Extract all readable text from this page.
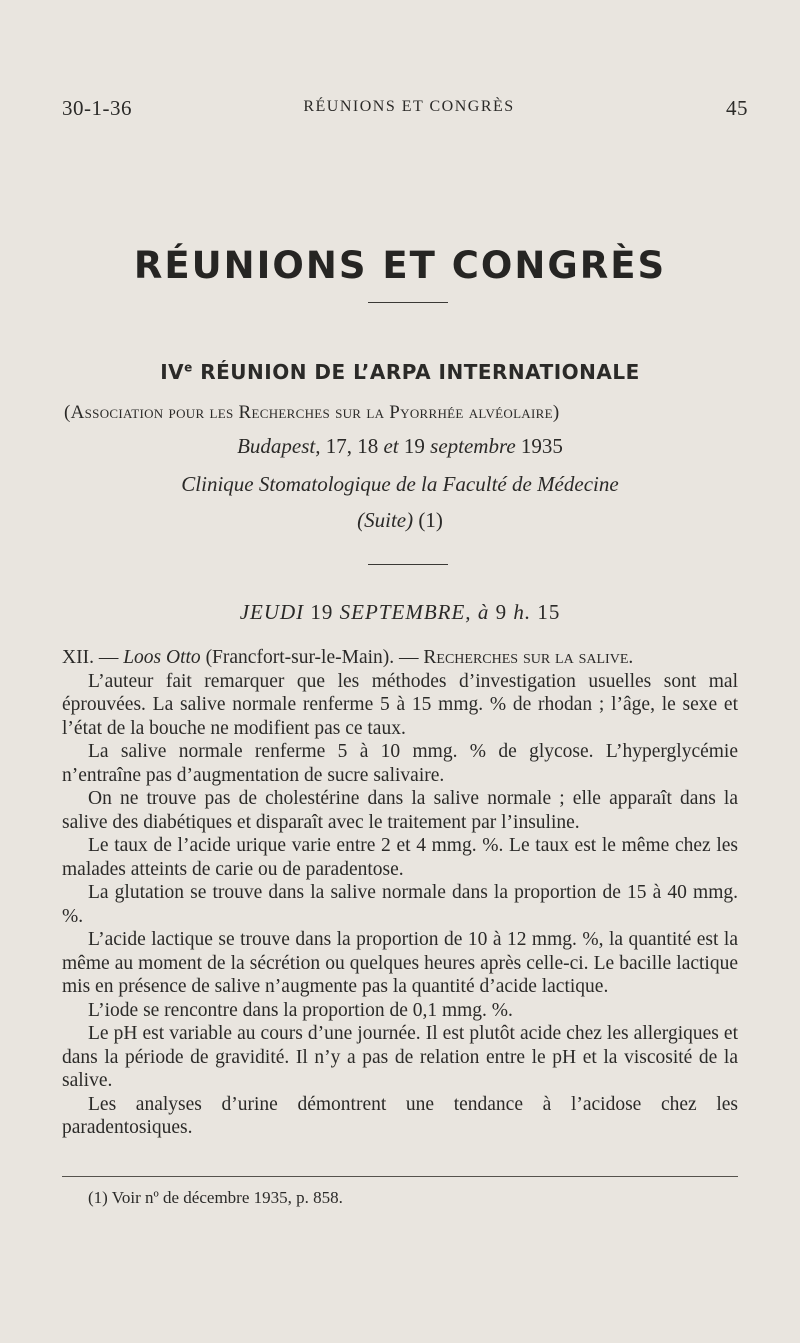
30-1-36	RÉUNIONS ET CONGRÈS	45
RÉUNIONS ET CONGRÈS
IVe RÉUNION DE L’ARPA INTERNATIONALE
(Association pour les Recherches sur la Pyorrhée alvéolaire)
Budapest, 17, 18 et 19 septembre 1935
Clinique Stomatologique de la Faculté de Médecine
(Suite) (1)
JEUDI 19 SEPTEMBRE, à 9 h. 15

XII. — Loos Otto (Francfort-sur-le-Main). — Recherches sur la salive.

L’auteur fait remarquer que les méthodes d’investigation usuelles sont mal éprouvées. La salive normale renferme 5 à 15 mmg. % de rhodan ; l’âge, le sexe et l’état de la bouche ne modifient pas ce taux.

La salive normale renferme 5 à 10 mmg. % de glycose. L’hyperglycémie n’entraîne pas d’augmentation de sucre salivaire.

On ne trouve pas de cholestérine dans la salive normale ; elle apparaît dans la salive des diabétiques et disparaît avec le traitement par l’insuline.

Le taux de l’acide urique varie entre 2 et 4 mmg. %. Le taux est le même chez les malades atteints de carie ou de paradentose.

La glutation se trouve dans la salive normale dans la proportion de 15 à 40 mmg. %.

L’acide lactique se trouve dans la proportion de 10 à 12 mmg. %, la quantité est la même au moment de la sécrétion ou quelques heures après celle-ci. Le bacille lactique mis en présence de salive n’augmente pas la quantité d’acide lactique.

L’iode se rencontre dans la proportion de 0,1 mmg. %.

Le pH est variable au cours d’une journée. Il est plutôt acide chez les allergiques et dans la période de gravidité. Il n’y a pas de relation entre le pH et la viscosité de la salive.

Les analyses d’urine démontrent une tendance à l’acidose chez les paradentosiques.

(1) Voir nº de décembre 1935, p. 858.
